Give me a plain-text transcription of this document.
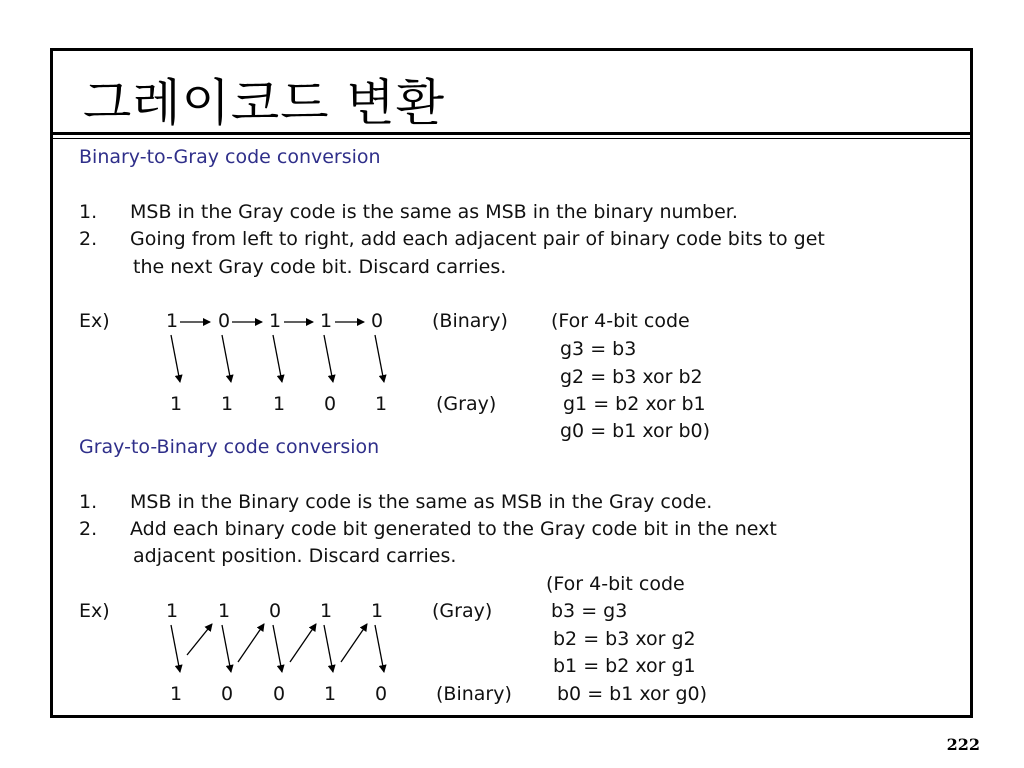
그레이코드 변환
Binary-to-Gray code conversion
1. MSB in the Gray code is the same as MSB in the binary number.
2. Going from left to right, add each adjacent pair of binary code bits to get
the next Gray code bit. Discard carries.
Ex)	1	0	1	1	0	(Binary)
1	1	1	0	1	(Gray)
(For 4-bit code
g3 = b3
g2 = b3 xor b2
g1 = b2 xor b1
g0 = b1 xor b0)
Gray-to-Binary code conversion
1. MSB in the Binary code is the same as MSB in the Gray code.
2. Add each binary code bit generated to the Gray code bit in the next
adjacent position. Discard carries.
(For 4-bit code
Ex)	1	1	0	1	1	(Gray)	b3 = g3
b2 = b3 xor g2
b1 = b2 xor g1
1	0	0	1	0	(Binary) b0 = b1 xor g0)
222
